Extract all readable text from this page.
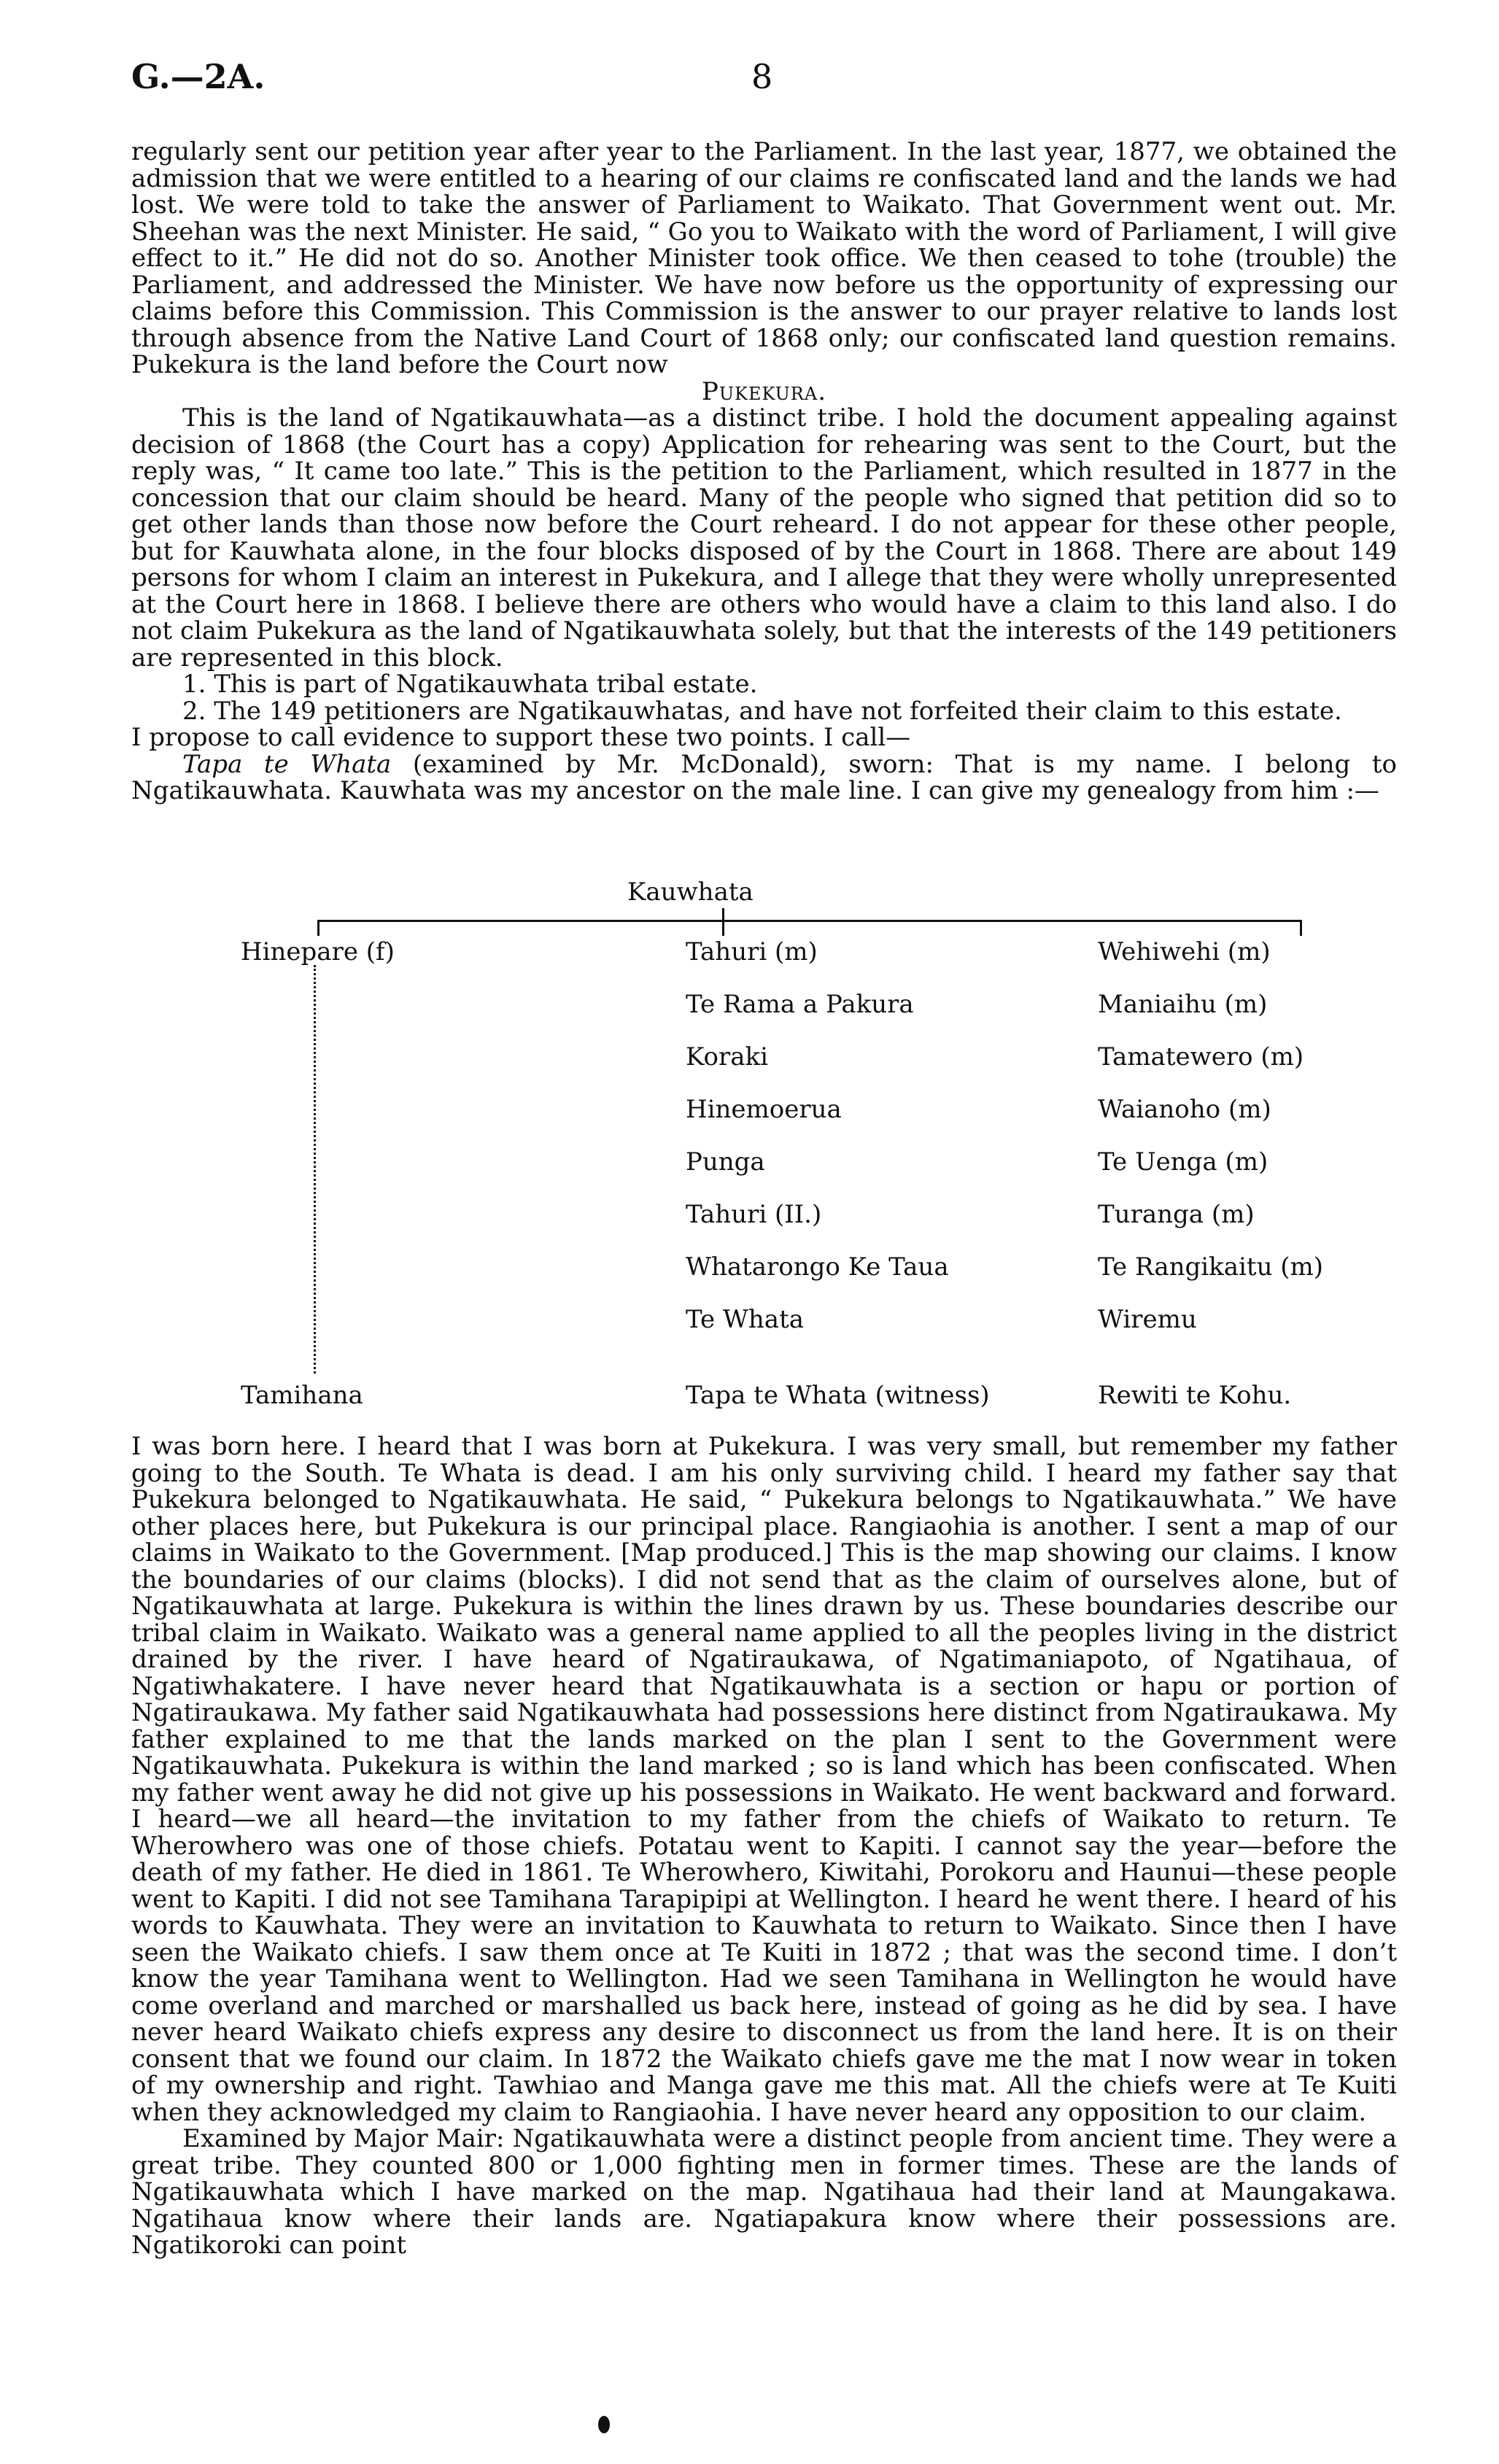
G.—2A.	8

regularly sent our petition year after year to the Parliament. In the last year, 1877, we obtained the admission that we were entitled to a hearing of our claims re confiscated land and the lands we had lost. We were told to take the answer of Parliament to Waikato. That Government went out. Mr. Sheehan was the next Minister. He said, “ Go you to Waikato with the word of Parliament, I will give effect to it.” He did not do so. Another Minister took office. We then ceased to tohe (trouble) the Parliament, and addressed the Minister. We have now before us the opportunity of expressing our claims before this Commission. This Commission is the answer to our prayer relative to lands lost through absence from the Native Land Court of 1868 only; our confiscated land question remains. Pukekura is the land before the Court now

Pukekura.

This is the land of Ngatikauwhata—as a distinct tribe. I hold the document appealing against decision of 1868 (the Court has a copy) Application for rehearing was sent to the Court, but the reply was, “ It came too late.” This is the petition to the Parliament, which resulted in 1877 in the concession that our claim should be heard. Many of the people who signed that petition did so to get other lands than those now before the Court reheard. I do not appear for these other people, but for Kauwhata alone, in the four blocks disposed of by the Court in 1868. There are about 149 persons for whom I claim an interest in Pukekura, and I allege that they were wholly unrepresented at the Court here in 1868. I believe there are others who would have a claim to this land also. I do not claim Pukekura as the land of Ngatikauwhata solely, but that the interests of the 149 petitioners are represented in this block.

1. This is part of Ngatikauwhata tribal estate.

2. The 149 petitioners are Ngatikauwhatas, and have not forfeited their claim to this estate.

I propose to call evidence to support these two points. I call—

Tapa te Whata (examined by Mr. McDonald), sworn: That is my name. I belong to Ngatikauwhata. Kauwhata was my ancestor on the male line. I can give my genealogy from him :—

Kauwhata
Hinepare (f)
Tamihana
Tahuri (m)
Te Rama a Pakura
Koraki
Hinemoerua
Punga
Tahuri (II.)
Whatarongo Ke Taua
Te Whata
Tapa te Whata (witness)
Wehiwehi (m)
Maniaihu (m)
Tamatewero (m)
Waianoho (m)
Te Uenga (m)
Turanga (m)
Te Rangikaitu (m)
Wiremu
Rewiti te Kohu.

I was born here. I heard that I was born at Pukekura. I was very small, but remember my father going to the South. Te Whata is dead. I am his only surviving child. I heard my father say that Pukekura belonged to Ngatikauwhata. He said, “ Pukekura belongs to Ngatikauwhata.” We have other places here, but Pukekura is our principal place. Rangiaohia is another. I sent a map of our claims in Waikato to the Government. [Map produced.] This is the map showing our claims. I know the boundaries of our claims (blocks). I did not send that as the claim of ourselves alone, but of Ngatikauwhata at large. Pukekura is within the lines drawn by us. These boundaries describe our tribal claim in Waikato. Waikato was a general name applied to all the peoples living in the district drained by the river. I have heard of Ngatiraukawa, of Ngatimaniapoto, of Ngatihaua, of Ngatiwhakatere. I have never heard that Ngatikauwhata is a section or hapu or portion of Ngatiraukawa. My father said Ngatikauwhata had possessions here distinct from Ngatiraukawa. My father explained to me that the lands marked on the plan I sent to the Government were Ngatikauwhata. Pukekura is within the land marked ; so is land which has been confiscated. When my father went away he did not give up his possessions in Waikato. He went backward and forward. I heard—we all heard—the invitation to my father from the chiefs of Waikato to return. Te Wherowhero was one of those chiefs. Potatau went to Kapiti. I cannot say the year—before the death of my father. He died in 1861. Te Wherowhero, Kiwitahi, Porokoru and Haunui—these people went to Kapiti. I did not see Tamihana Tarapipipi at Wellington. I heard he went there. I heard of his words to Kauwhata. They were an invitation to Kauwhata to return to Waikato. Since then I have seen the Waikato chiefs. I saw them once at Te Kuiti in 1872 ; that was the second time. I don’t know the year Tamihana went to Wellington. Had we seen Tamihana in Wellington he would have come overland and marched or marshalled us back here, instead of going as he did by sea. I have never heard Waikato chiefs express any desire to disconnect us from the land here. It is on their consent that we found our claim. In 1872 the Waikato chiefs gave me the mat I now wear in token of my ownership and right. Tawhiao and Manga gave me this mat. All the chiefs were at Te Kuiti when they acknowledged my claim to Rangiaohia. I have never heard any opposition to our claim.

Examined by Major Mair: Ngatikauwhata were a distinct people from ancient time. They were a great tribe. They counted 800 or 1,000 fighting men in former times. These are the lands of Ngatikauwhata which I have marked on the map. Ngatihaua had their land at Maungakawa. Ngatihaua know where their lands are. Ngatiapakura know where their possessions are. Ngatikoroki can point
